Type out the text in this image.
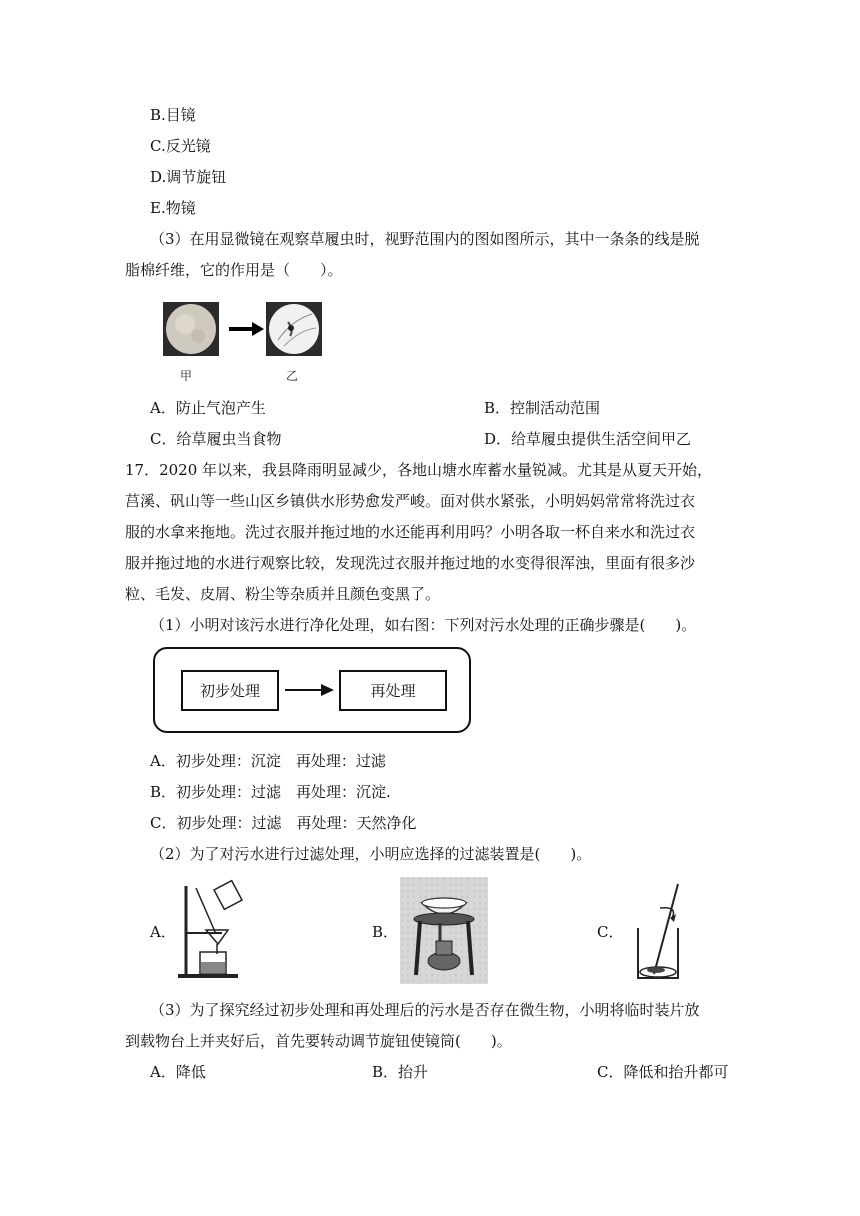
B.目镜
C.反光镜
D.调节旋钮
E.物镜
（3）在用显微镜在观察草履虫时，视野范围内的图如图所示，其中一条条的线是脱
脂棉纤维，它的作用是（　　）。
甲	乙
A．防止气泡产生	B．控制活动范围
C．给草履虫当食物	D．给草履虫提供生活空间甲乙
17．2020 年以来，我县降雨明显减少，各地山塘水库蓄水量锐减。尤其是从夏天开始，
莒溪、矾山等一些山区乡镇供水形势愈发严峻。面对供水紧张，小明妈妈常常将洗过衣
服的水拿来拖地。洗过衣服并拖过地的水还能再利用吗？小明各取一杯自来水和洗过衣
服并拖过地的水进行观察比较，发现洗过衣服并拖过地的水变得很浑浊，里面有很多沙
粒、毛发、皮屑、粉尘等杂质并且颜色变黑了。
（1）小明对该污水进行净化处理，如右图：下列对污水处理的正确步骤是(　　)。
初步处理	再处理
A．初步处理：沉淀　再处理：过滤
B．初步处理：过滤　再处理：沉淀.
C．初步处理：过滤　再处理：天然净化
（2）为了对污水进行过滤处理，小明应选择的过滤装置是(　　)。
A．	B．	C．
（3）为了探究经过初步处理和再处理后的污水是否存在微生物，小明将临时装片放
到载物台上并夹好后，首先要转动调节旋钮使镜筒(　　)。
A．降低	B．抬升	C．降低和抬升都可
